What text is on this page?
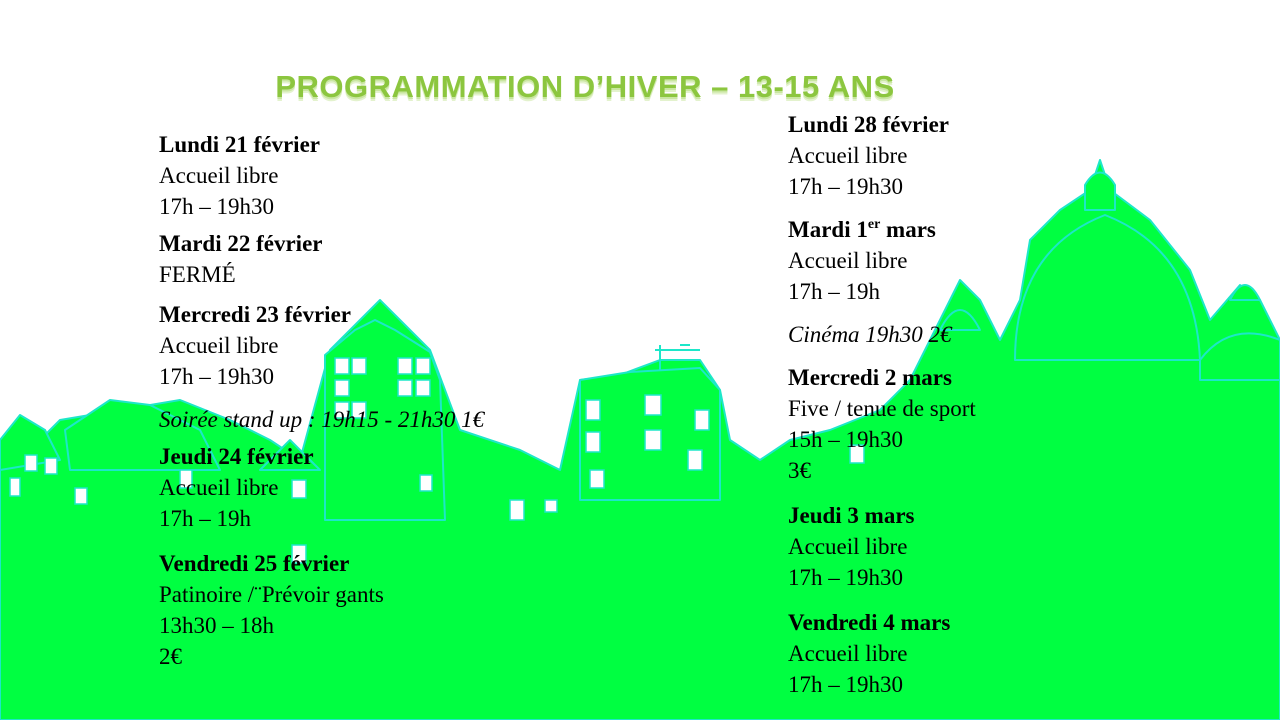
PROGRAMMATION D’HIVER – 13-15 ANS
Lundi 21 février
Accueil libre
17h – 19h30
Mardi 22 février
FERMÉ
Mercredi 23 février
Accueil libre
17h – 19h30
Soirée stand up : 19h15 - 21h30 1€
Jeudi 24 février
Accueil libre
17h – 19h
Vendredi 25 février
Patinoire /¨Prévoir gants
13h30 – 18h
2€
Lundi 28 février
Accueil libre
17h – 19h30
Mardi 1er mars
Accueil libre
17h – 19h
Cinéma 19h30 2€
Mercredi 2 mars
Five / tenue de sport
15h – 19h30
3€
Jeudi 3 mars
Accueil libre
17h – 19h30
Vendredi 4 mars
Accueil libre
17h – 19h30
